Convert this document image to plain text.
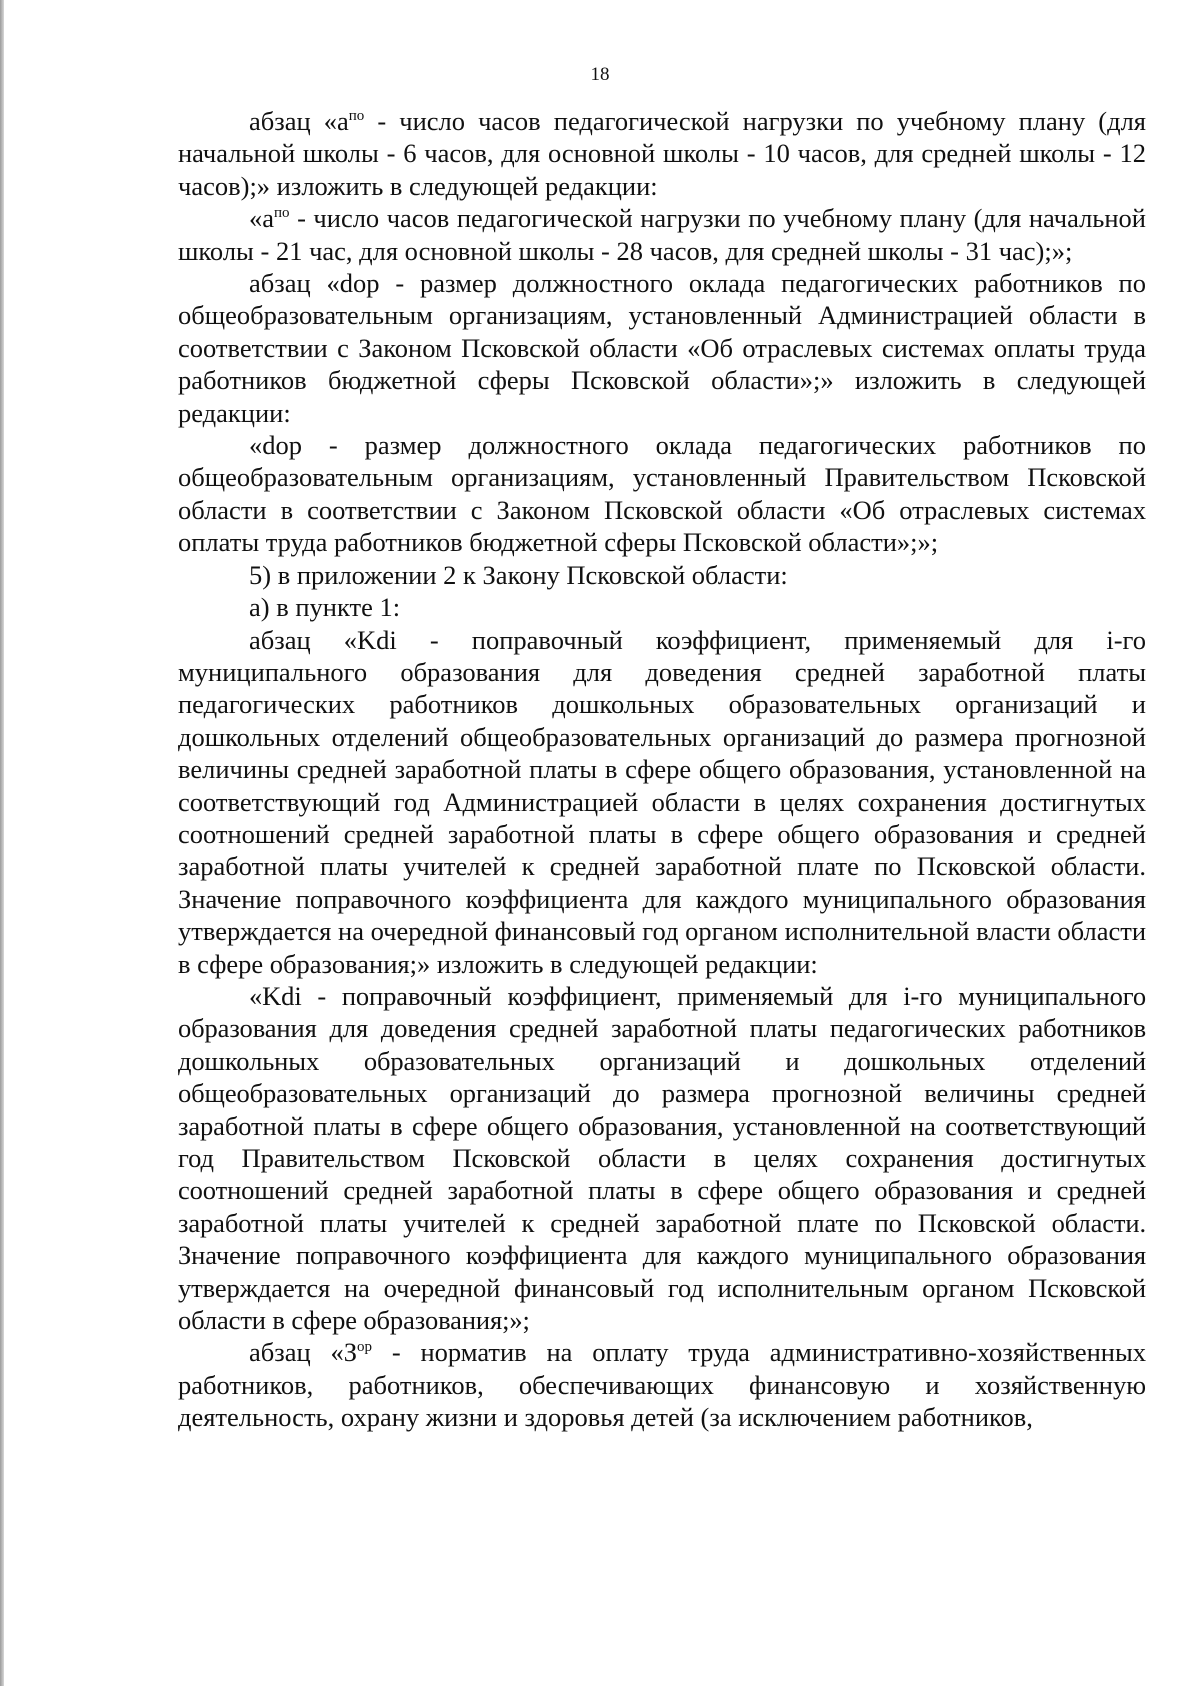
18

абзац «$a^{по}$ - число часов педагогической нагрузки по учебному плану (для начальной школы - 6 часов, для основной школы - 10 часов, для средней школы - 12 часов);» изложить в следующей редакции:

«$a^{по}$ - число часов педагогической нагрузки по учебному плану (для начальной школы - 21 час, для основной школы - 28 часов, для средней школы - 31 час);»;

абзац «dop - размер должностного оклада педагогических работников по общеобразовательным организациям, установленный Администрацией области в соответствии с Законом Псковской области «Об отраслевых системах оплаты труда работников бюджетной сферы Псковской области»;» изложить в следующей редакции:

«dop - размер должностного оклада педагогических работников по общеобразовательным организациям, установленный Правительством Псковской области в соответствии с Законом Псковской области «Об отраслевых системах оплаты труда работников бюджетной сферы Псковской области»;»;

5) в приложении 2 к Закону Псковской области:

а) в пункте 1:

абзац «Kdi - поправочный коэффициент, применяемый для i-го муниципального образования для доведения средней заработной платы педагогических работников дошкольных образовательных организаций и дошкольных отделений общеобразовательных организаций до размера прогнозной величины средней заработной платы в сфере общего образования, установленной на соответствующий год Администрацией области в целях сохранения достигнутых соотношений средней заработной платы в сфере общего образования и средней заработной платы учителей к средней заработной плате по Псковской области. Значение поправочного коэффициента для каждого муниципального образования утверждается на очередной финансовый год органом исполнительной власти области в сфере образования;» изложить в следующей редакции:

«Kdi - поправочный коэффициент, применяемый для i-го муниципального образования для доведения средней заработной платы педагогических работников дошкольных образовательных организаций и дошкольных отделений общеобразовательных организаций до размера прогнозной величины средней заработной платы в сфере общего образования, установленной на соответствующий год Правительством Псковской области в целях сохранения достигнутых соотношений средней заработной платы в сфере общего образования и средней заработной платы учителей к средней заработной плате по Псковской области. Значение поправочного коэффициента для каждого муниципального образования утверждается на очередной финансовый год исполнительным органом Псковской области в сфере образования;»;

абзац «$З^{ор}$ - норматив на оплату труда административно-хозяйственных работников, работников, обеспечивающих финансовую и хозяйственную деятельность, охрану жизни и здоровья детей (за исключением работников,
